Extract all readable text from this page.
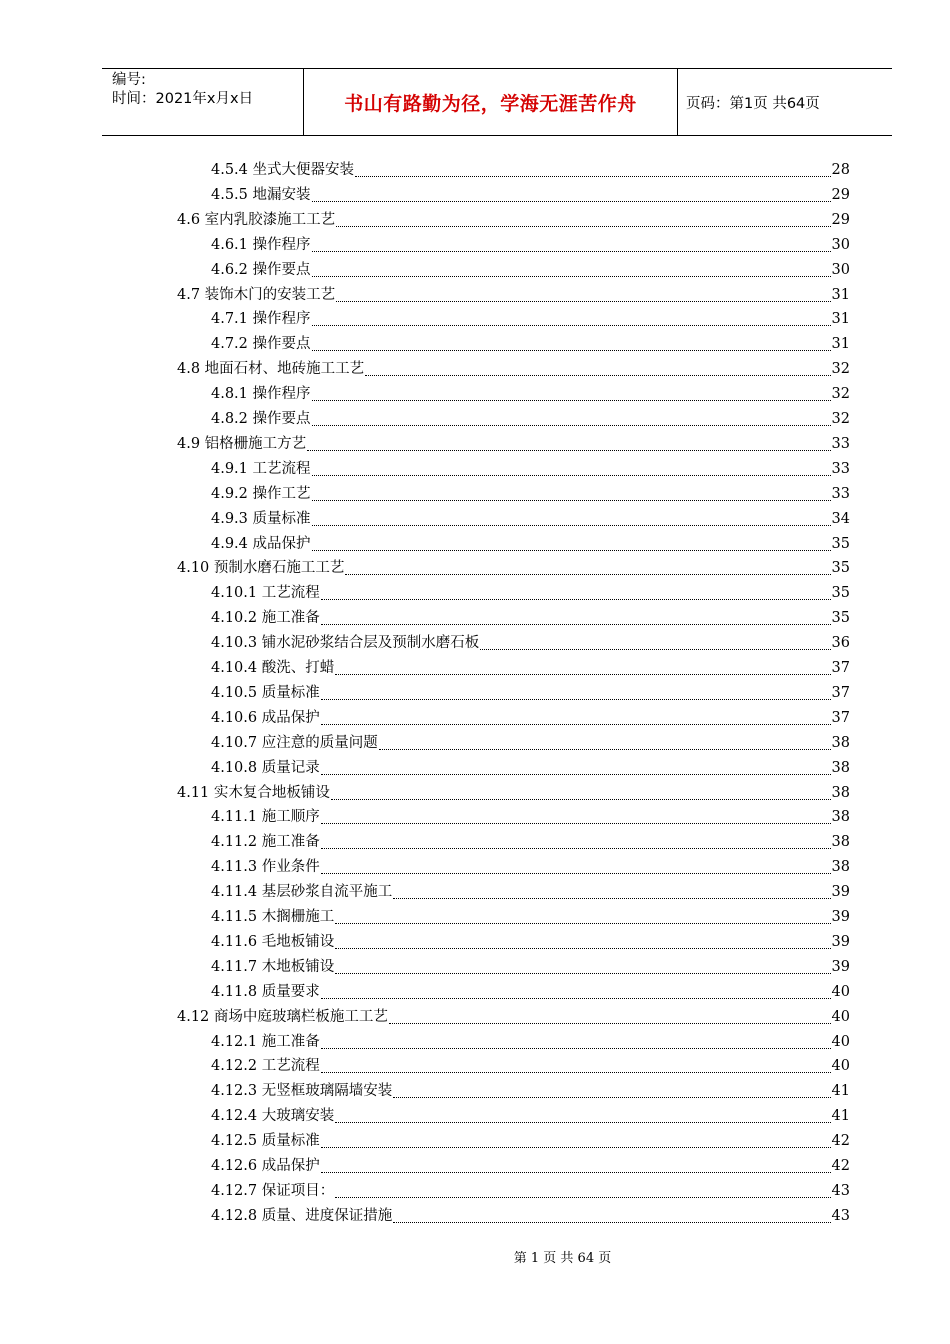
编号:
时间：2021年x月x日	书山有路勤为径，学海无涯苦作舟	页码：第1页 共64页
4.5.4 坐式大便器安装	28
4.5.5 地漏安装	29
4.6 室内乳胶漆施工工艺	29
4.6.1 操作程序	30
4.6.2 操作要点	30
4.7 装饰木门的安装工艺	31
4.7.1 操作程序	31
4.7.2 操作要点	31
4.8 地面石材、地砖施工工艺	32
4.8.1 操作程序	32
4.8.2 操作要点	32
4.9 铝格栅施工方艺	33
4.9.1 工艺流程	33
4.9.2 操作工艺	33
4.9.3 质量标准	34
4.9.4 成品保护	35
4.10 预制水磨石施工工艺	35
4.10.1 工艺流程	35
4.10.2 施工准备	35
4.10.3 铺水泥砂浆结合层及预制水磨石板	36
4.10.4 酸洗、打蜡	37
4.10.5 质量标准	37
4.10.6 成品保护	37
4.10.7 应注意的质量问题	38
4.10.8 质量记录	38
4.11 实木复合地板铺设	38
4.11.1 施工顺序	38
4.11.2 施工准备	38
4.11.3 作业条件	38
4.11.4 基层砂浆自流平施工	39
4.11.5 木搁栅施工	39
4.11.6 毛地板铺设	39
4.11.7 木地板铺设	39
4.11.8 质量要求	40
4.12 商场中庭玻璃栏板施工工艺	40
4.12.1 施工准备	40
4.12.2 工艺流程	40
4.12.3 无竖框玻璃隔墙安装	41
4.12.4 大玻璃安装	41
4.12.5 质量标准	42
4.12.6 成品保护	42
4.12.7 保证项目：	43
4.12.8 质量、进度保证措施	43
第 1 页 共 64 页
